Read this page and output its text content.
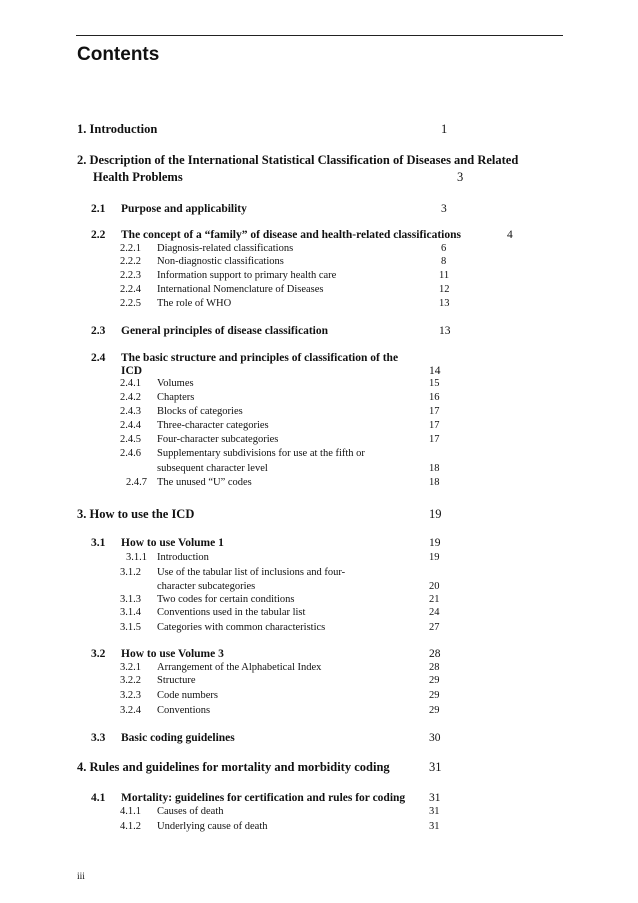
Contents
1. Introduction	1
2. Description of the International Statistical Classification of Diseases and Related
Health Problems	3
2.1 Purpose and applicability	3
2.2 The concept of a “family” of disease and health-related classifications	4
2.2.1 Diagnosis-related classifications	6
2.2.2 Non-diagnostic classifications	8
2.2.3 Information support to primary health care	11
2.2.4 International Nomenclature of Diseases	12
2.2.5 The role of WHO	13
2.3 General principles of disease classification	13
2.4 The basic structure and principles of classification of the
ICD	14
2.4.1 Volumes	15
2.4.2 Chapters	16
2.4.3 Blocks of categories	17
2.4.4 Three-character categories	17
2.4.5 Four-character subcategories	17
2.4.6 Supplementary subdivisions for use at the fifth or
subsequent character level	18
2.4.7 The unused “U” codes	18
3. How to use the ICD	19
3.1 How to use Volume 1	19
3.1.1 Introduction	19
3.1.2 Use of the tabular list of inclusions and four-
character subcategories	20
3.1.3 Two codes for certain conditions	21
3.1.4 Conventions used in the tabular list	24
3.1.5 Categories with common characteristics	27
3.2 How to use Volume 3	28
3.2.1 Arrangement of the Alphabetical Index	28
3.2.2 Structure	29
3.2.3 Code numbers	29
3.2.4 Conventions	29
3.3 Basic coding guidelines	30
4. Rules and guidelines for mortality and morbidity coding	31
4.1 Mortality: guidelines for certification and rules for coding 31
4.1.1 Causes of death	31
4.1.2 Underlying cause of death	31
iii
